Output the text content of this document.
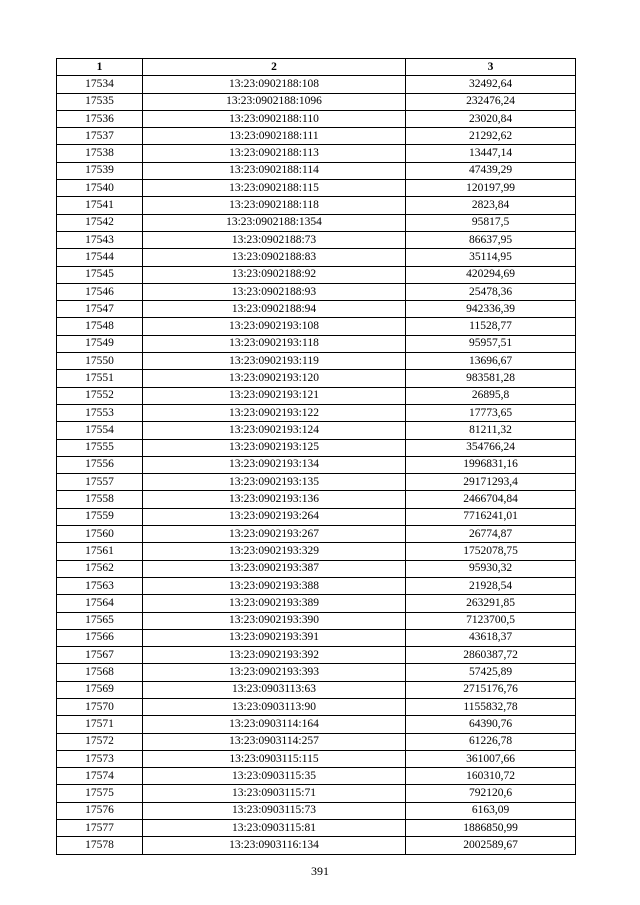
1	2	3
17534	13:23:0902188:108	32492,64
17535	13:23:0902188:1096	232476,24
17536	13:23:0902188:110	23020,84
17537	13:23:0902188:111	21292,62
17538	13:23:0902188:113	13447,14
17539	13:23:0902188:114	47439,29
17540	13:23:0902188:115	120197,99
17541	13:23:0902188:118	2823,84
17542	13:23:0902188:1354	95817,5
17543	13:23:0902188:73	86637,95
17544	13:23:0902188:83	35114,95
17545	13:23:0902188:92	420294,69
17546	13:23:0902188:93	25478,36
17547	13:23:0902188:94	942336,39
17548	13:23:0902193:108	11528,77
17549	13:23:0902193:118	95957,51
17550	13:23:0902193:119	13696,67
17551	13:23:0902193:120	983581,28
17552	13:23:0902193:121	26895,8
17553	13:23:0902193:122	17773,65
17554	13:23:0902193:124	81211,32
17555	13:23:0902193:125	354766,24
17556	13:23:0902193:134	1996831,16
17557	13:23:0902193:135	29171293,4
17558	13:23:0902193:136	2466704,84
17559	13:23:0902193:264	7716241,01
17560	13:23:0902193:267	26774,87
17561	13:23:0902193:329	1752078,75
17562	13:23:0902193:387	95930,32
17563	13:23:0902193:388	21928,54
17564	13:23:0902193:389	263291,85
17565	13:23:0902193:390	7123700,5
17566	13:23:0902193:391	43618,37
17567	13:23:0902193:392	2860387,72
17568	13:23:0902193:393	57425,89
17569	13:23:0903113:63	2715176,76
17570	13:23:0903113:90	1155832,78
17571	13:23:0903114:164	64390,76
17572	13:23:0903114:257	61226,78
17573	13:23:0903115:115	361007,66
17574	13:23:0903115:35	160310,72
17575	13:23:0903115:71	792120,6
17576	13:23:0903115:73	6163,09
17577	13:23:0903115:81	1886850,99
17578	13:23:0903116:134	2002589,67
391
